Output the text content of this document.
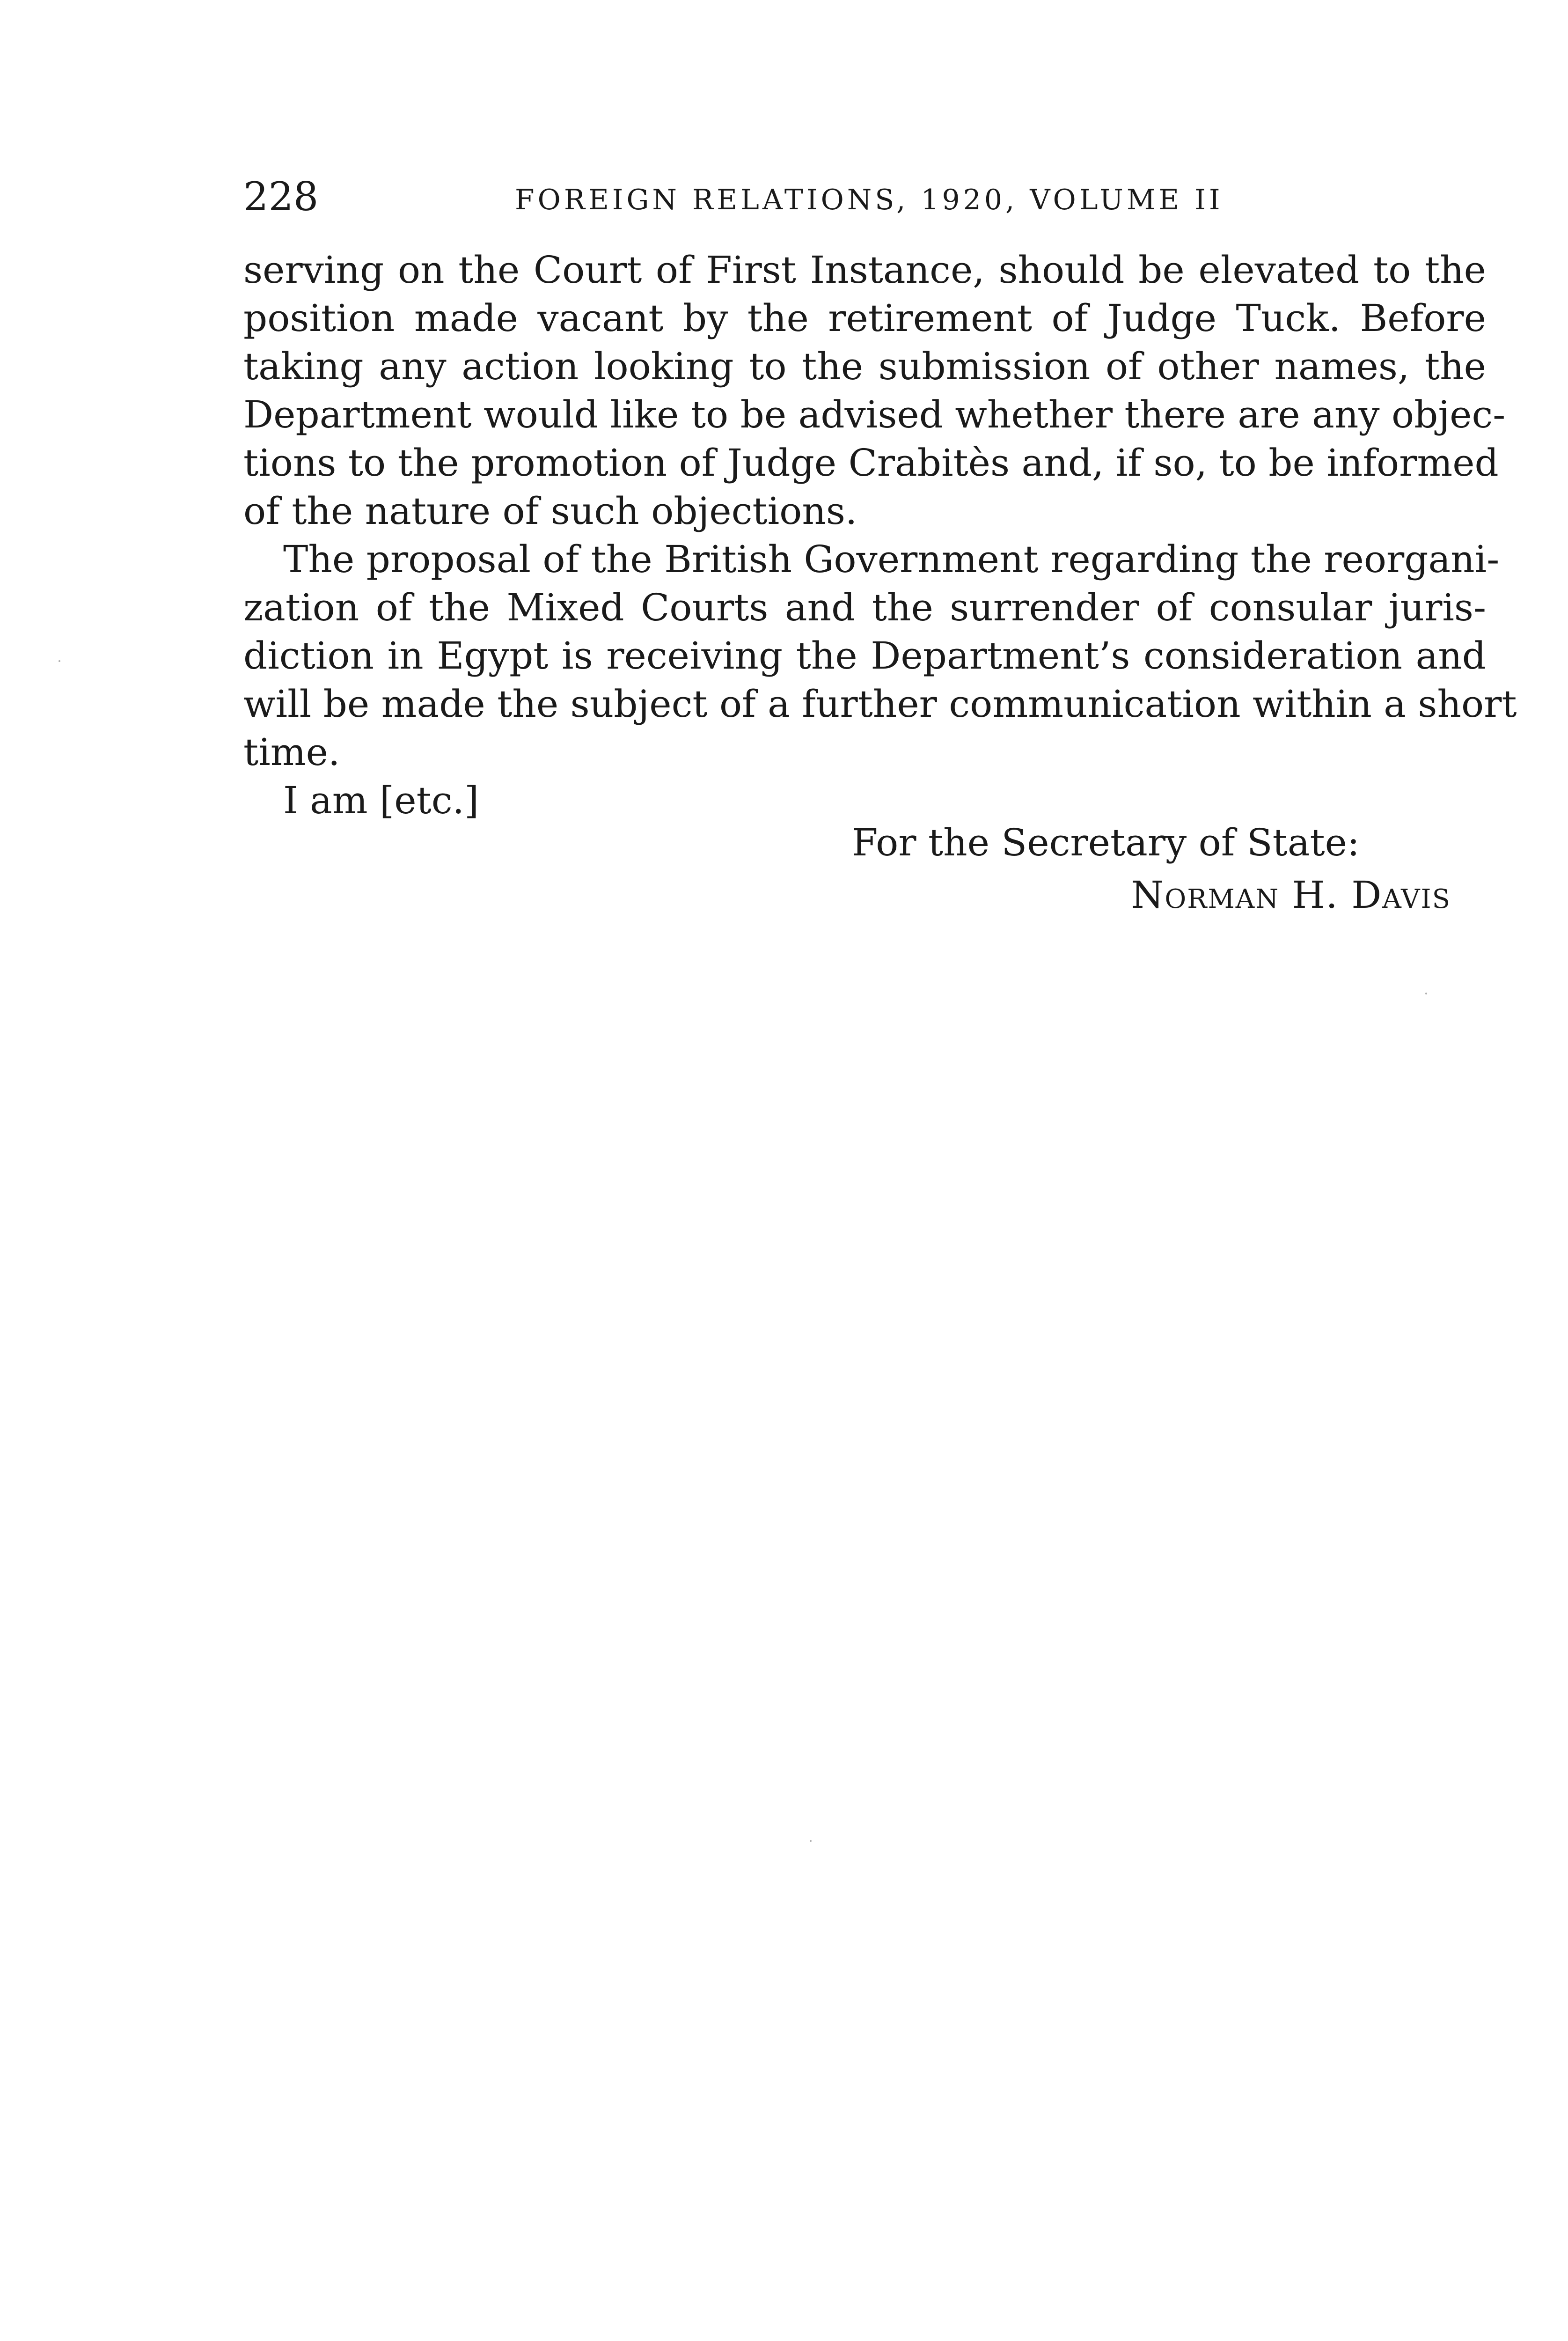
228	FOREIGN RELATIONS, 1920, VOLUME II
serving on the Court of First Instance, should be elevated to the
position made vacant by the retirement of Judge Tuck. Before
taking any action looking to the submission of other names, the
Department would like to be advised whether there are any objec-
tions to the promotion of Judge Crabitès and, if so, to be informed
of the nature of such objections.
The proposal of the British Government regarding the reorgani-
zation of the Mixed Courts and the surrender of consular juris-
diction in Egypt is receiving the Department’s consideration and
will be made the subject of a further communication within a short
time.
I am [etc.]
For the Secretary of State:
Norman H. Davis
